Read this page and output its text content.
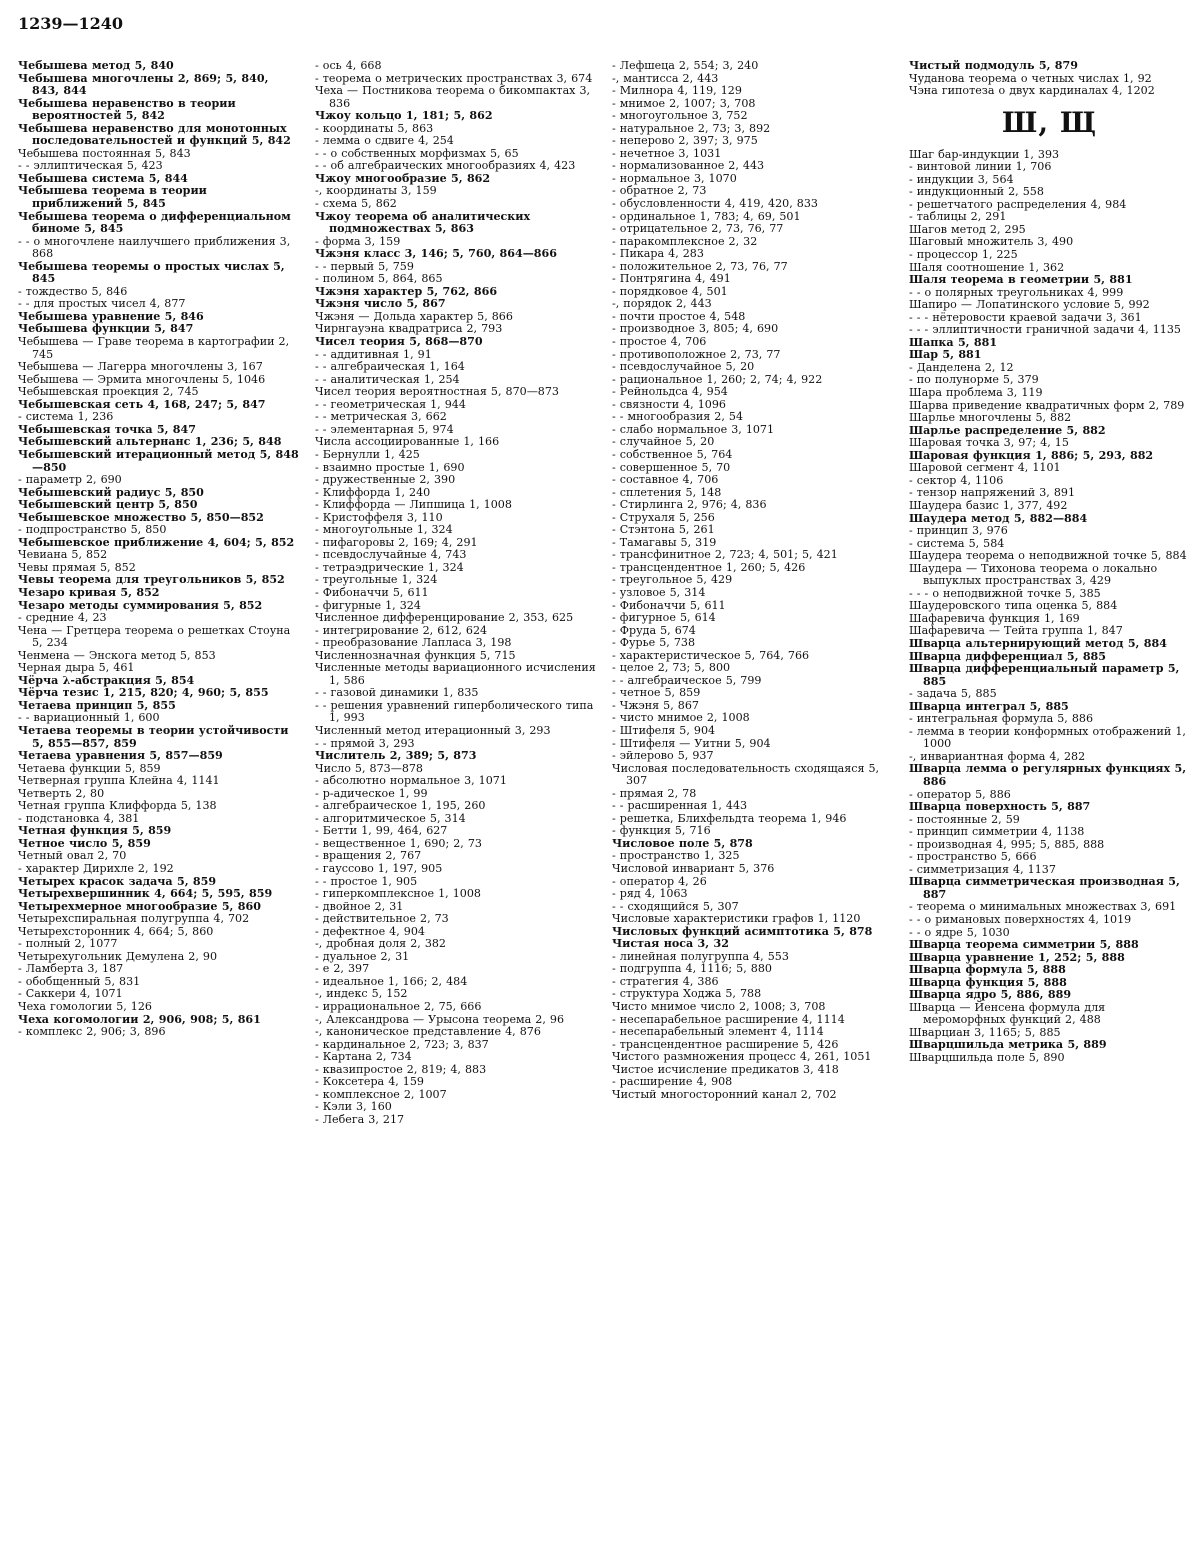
1239—1240
Чебышева метод 5, 840
Чебышева многочлены 2, 869; 5, 840, 843, 844
Чебышева неравенство в теории вероятностей 5, 842
Чебышева неравенство для монотонных последовательностей и функций 5, 842
Чебышева постоянная 5, 843
- - эллиптическая 5, 423
Чебышева система 5, 844
Чебышева теорема в теории приближений 5, 845
Чебышева теорема о дифференциальном биноме 5, 845
- - о многочлене наилучшего приближения 3, 868
Чебышева теоремы о простых числах 5, 845
- тождество 5, 846
- - для простых чисел 4, 877
Чебышева уравнение 5, 846
Чебышева функции 5, 847
Чебышева — Граве теорема в картографии 2, 745
Чебышева — Лагерра многочлены 3, 167
Чебышева — Эрмита многочлены 5, 1046
Чебышевская проекция 2, 745
Чебышевская сеть 4, 168, 247; 5, 847
- система 1, 236
Чебышевская точка 5, 847
Чебышевский альтернанс 1, 236; 5, 848
Чебышевский итерационный метод 5, 848—850
- параметр 2, 690
Чебышевский радиус 5, 850
Чебышевский центр 5, 850
Чебышевское множество 5, 850—852
- подпространство 5, 850
Чебышевское приближение 4, 604; 5, 852
Чевиана 5, 852
Чевы прямая 5, 852
Чевы теорема для треугольников 5, 852
Чезаро кривая 5, 852
Чезаро методы суммирования 5, 852
- средние 4, 23
Чена — Гретцера теорема о решетках Стоуна 5, 234
Ченмена — Энскога метод 5, 853
Черная дыра 5, 461
Чёрча λ-абстракция 5, 854
Чёрча тезис 1, 215, 820; 4, 960; 5, 855
Четаева принцип 5, 855
- - вариационный 1, 600
Четаева теоремы в теории устойчивости 5, 855—857, 859
Четаева уравнения 5, 857—859
Четаева функции 5, 859
Четверная группа Клейна 4, 1141
Четверть 2, 80
Четная группа Клиффорда 5, 138
- подстановка 4, 381
Четная функция 5, 859
Четное число 5, 859
Четный овал 2, 70
- характер Дирихле 2, 192
Четырех красок задача 5, 859
Четырехвершинник 4, 664; 5, 595, 859
Четырехмерное многообразие 5, 860
Четырехспиральная полугруппа 4, 702
Четырехсторонник 4, 664; 5, 860
- полный 2, 1077
Четырехугольник Демулена 2, 90
- Ламберта 3, 187
- обобщенный 5, 831
- Саккери 4, 1071
Чеха гомологии 5, 126
Чеха когомологии 2, 906, 908; 5, 861
- комплекс 2, 906; 3, 896
- ось 4, 668
- теорема о метрических пространствах 3, 674
Чеха — Постникова теорема о бикомпактах 3, 836
Чжоу кольцо 1, 181; 5, 862
- координаты 5, 863
- лемма о сдвиге 4, 254
- - о собственных морфизмах 5, 65
- - об алгебраических многообразиях 4, 423
Чжоу многообразие 5, 862
-, координаты 3, 159
- схема 5, 862
Чжоу теорема об аналитических подмножествах 5, 863
- форма 3, 159
Чжэня класс 3, 146; 5, 760, 864—866
- - первый 5, 759
- полином 5, 864, 865
Чжэня характер 5, 762, 866
Чжэня число 5, 867
Чжэня — Дольда характер 5, 866
Чирнгауэна квадратриса 2, 793
Чисел теория 5, 868—870
- - аддитивная 1, 91
- - алгебраическая 1, 164
- - аналитическая 1, 254
Чисел теория вероятностная 5, 870—873
- - геометрическая 1, 944
- - метрическая 3, 662
- - элементарная 5, 974
Числа ассоциированные 1, 166
- Бернулли 1, 425
- взаимно простые 1, 690
- дружественные 2, 390
- Клиффорда 1, 240
- Клиффорда — Липшица 1, 1008
- Кристоффеля 3, 110
- многоугольные 1, 324
- пифагоровы 2, 169; 4, 291
- псевдослучайные 4, 743
- тетраэдрические 1, 324
- треугольные 1, 324
- Фибоначчи 5, 611
- фигурные 1, 324
Численное дифференцирование 2, 353, 625
- интегрирование 2, 612, 624
- преобразование Лапласа 3, 198
Численнозначная функция 5, 715
Численные методы вариационного исчисления 1, 586
- - газовой динамики 1, 835
- - решения уравнений гиперболического типа 1, 993
Численный метод итерационный 3, 293
- - прямой 3, 293
Числитель 2, 389; 5, 873
Число 5, 873—878
- абсолютно нормальное 3, 1071
- p-адическое 1, 99
- алгебраическое 1, 195, 260
- алгоритмическое 5, 314
- Бетти 1, 99, 464, 627
- вещественное 1, 690; 2, 73
- вращения 2, 767
- гауссово 1, 197, 905
- - простое 1, 905
- гиперкомплексное 1, 1008
- двойное 2, 31
- действительное 2, 73
- дефектное 4, 904
-, дробная доля 2, 382
- дуальное 2, 31
- e 2, 397
- идеальное 1, 166; 2, 484
-, индекс 5, 152
- иррациональное 2, 75, 666
-, Александрова — Урысона теорема 2, 96
-, каноническое представление 4, 876
- кардинальное 2, 723; 3, 837
- Картана 2, 734
- квазипростое 2, 819; 4, 883
- Коксетера 4, 159
- комплексное 2, 1007
- Кэли 3, 160
- Лебега 3, 217
- Лефшеца 2, 554; 3, 240
-, мантисса 2, 443
- Милнора 4, 119, 129
- мнимое 2, 1007; 3, 708
- многоугольное 3, 752
- натуральное 2, 73; 3, 892
- неперово 2, 397; 3, 975
- нечетное 3, 1031
- нормализованное 2, 443
- нормальное 3, 1070
- обратное 2, 73
- обусловленности 4, 419, 420, 833
- ординальное 1, 783; 4, 69, 501
- отрицательное 2, 73, 76, 77
- паракомплексное 2, 32
- Пикара 4, 283
- положительное 2, 73, 76, 77
- Понтрягина 4, 491
- порядковое 4, 501
-, порядок 2, 443
- почти простое 4, 548
- производное 3, 805; 4, 690
- простое 4, 706
- противоположное 2, 73, 77
- псевдослучайное 5, 20
- рациональное 1, 260; 2, 74; 4, 922
- Рейнольдса 4, 954
- связности 4, 1096
- - многообразия 2, 54
- слабо нормальное 3, 1071
- случайное 5, 20
- собственное 5, 764
- совершенное 5, 70
- составное 4, 706
- сплетения 5, 148
- Стирлинга 2, 976; 4, 836
- Струхаля 5, 256
- Стэнтона 5, 261
- Тамагавы 5, 319
- трансфинитное 2, 723; 4, 501; 5, 421
- трансцендентное 1, 260; 5, 426
- треугольное 5, 429
- узловое 5, 314
- Фибоначчи 5, 611
- фигурное 5, 614
- Фруда 5, 674
- Фурье 5, 738
- характеристическое 5, 764, 766
- целое 2, 73; 5, 800
- - алгебраическое 5, 799
- четное 5, 859
- Чжэня 5, 867
- чисто мнимое 2, 1008
- Штифеля 5, 904
- Штифеля — Уитни 5, 904
- эйлерово 5, 937
Числовая последовательность сходящаяся 5, 307
- прямая 2, 78
- - расширенная 1, 443
- решетка, Блихфельдта теорема 1, 946
- функция 5, 716
Числовое поле 5, 878
- пространство 1, 325
Числовой инвариант 5, 376
- оператор 4, 26
- ряд 4, 1063
- - сходящийся 5, 307
Числовые характеристики графов 1, 1120
Числовых функций асимптотика 5, 878
Чистая носа 3, 32
- линейная полугруппа 4, 553
- подгруппа 4, 1116; 5, 880
- стратегия 4, 386
- структура Ходжа 5, 788
Чисто мнимое число 2, 1008; 3, 708
- несепарабельное расширение 4, 1114
- несепарабельный элемент 4, 1114
- трансцендентное расширение 5, 426
Чистого размножения процесс 4, 261, 1051
Чистое исчисление предикатов 3, 418
- расширение 4, 908
Чистый многосторонний канал 2, 702
Чистый подмодуль 5, 879
Чуданова теорема о четных числах 1, 92
Чэна гипотеза о двух кардиналах 4, 1202
Ш, Щ
Шаг бар-индукции 1, 393
- винтовой линии 1, 706
- индукции 3, 564
- индукционный 2, 558
- решетчатого распределения 4, 984
- таблицы 2, 291
Шагов метод 2, 295
Шаговый множитель 3, 490
- процессор 1, 225
Шаля соотношение 1, 362
Шаля теорема в геометрии 5, 881
- - о полярных треугольниках 4, 999
Шапиро — Лопатинского условие 5, 992
- - - нётеровости краевой задачи 3, 361
- - - эллиптичности граничной задачи 4, 1135
Шапка 5, 881
Шар 5, 881
- Данделена 2, 12
- по полунорме 5, 379
Шара проблема 3, 119
Шарва приведение квадратичных форм 2, 789
Шарлье многочлены 5, 882
Шарлье распределение 5, 882
Шаровая точка 3, 97; 4, 15
Шаровая функция 1, 886; 5, 293, 882
Шаровой сегмент 4, 1101
- сектор 4, 1106
- тензор напряжений 3, 891
Шаудера базис 1, 377, 492
Шаудера метод 5, 882—884
- принцип 3, 976
- система 5, 584
Шаудера теорема о неподвижной точке 5, 884
Шаудера — Тихонова теорема о локально выпуклых пространствах 3, 429
- - - о неподвижной точке 5, 385
Шаудеровского типа оценка 5, 884
Шафаревича функция 1, 169
Шафаревича — Тейта группа 1, 847
Шварца альтернирующий метод 5, 884
Шварца дифференциал 5, 885
Шварца дифференциальный параметр 5, 885
- задача 5, 885
Шварца интеграл 5, 885
- интегральная формула 5, 886
- лемма в теории конформных отображений 1, 1000
-, инвариантная форма 4, 282
Шварца лемма о регулярных функциях 5, 886
- оператор 5, 886
Шварца поверхность 5, 887
- постоянные 2, 59
- принцип симметрии 4, 1138
- производная 4, 995; 5, 885, 888
- пространство 5, 666
- симметризация 4, 1137
Шварца симметрическая производная 5, 887
- теорема о минимальных множествах 3, 691
- - о римановых поверхностях 4, 1019
- - о ядре 5, 1030
Шварца теорема симметрии 5, 888
Шварца уравнение 1, 252; 5, 888
Шварца формула 5, 888
Шварца функция 5, 888
Шварца ядро 5, 886, 889
Шварца — Йенсена формула для мероморфных функций 2, 488
Шварциан 3, 1165; 5, 885
Шварцшильда метрика 5, 889
Шварцшильда поле 5, 890
